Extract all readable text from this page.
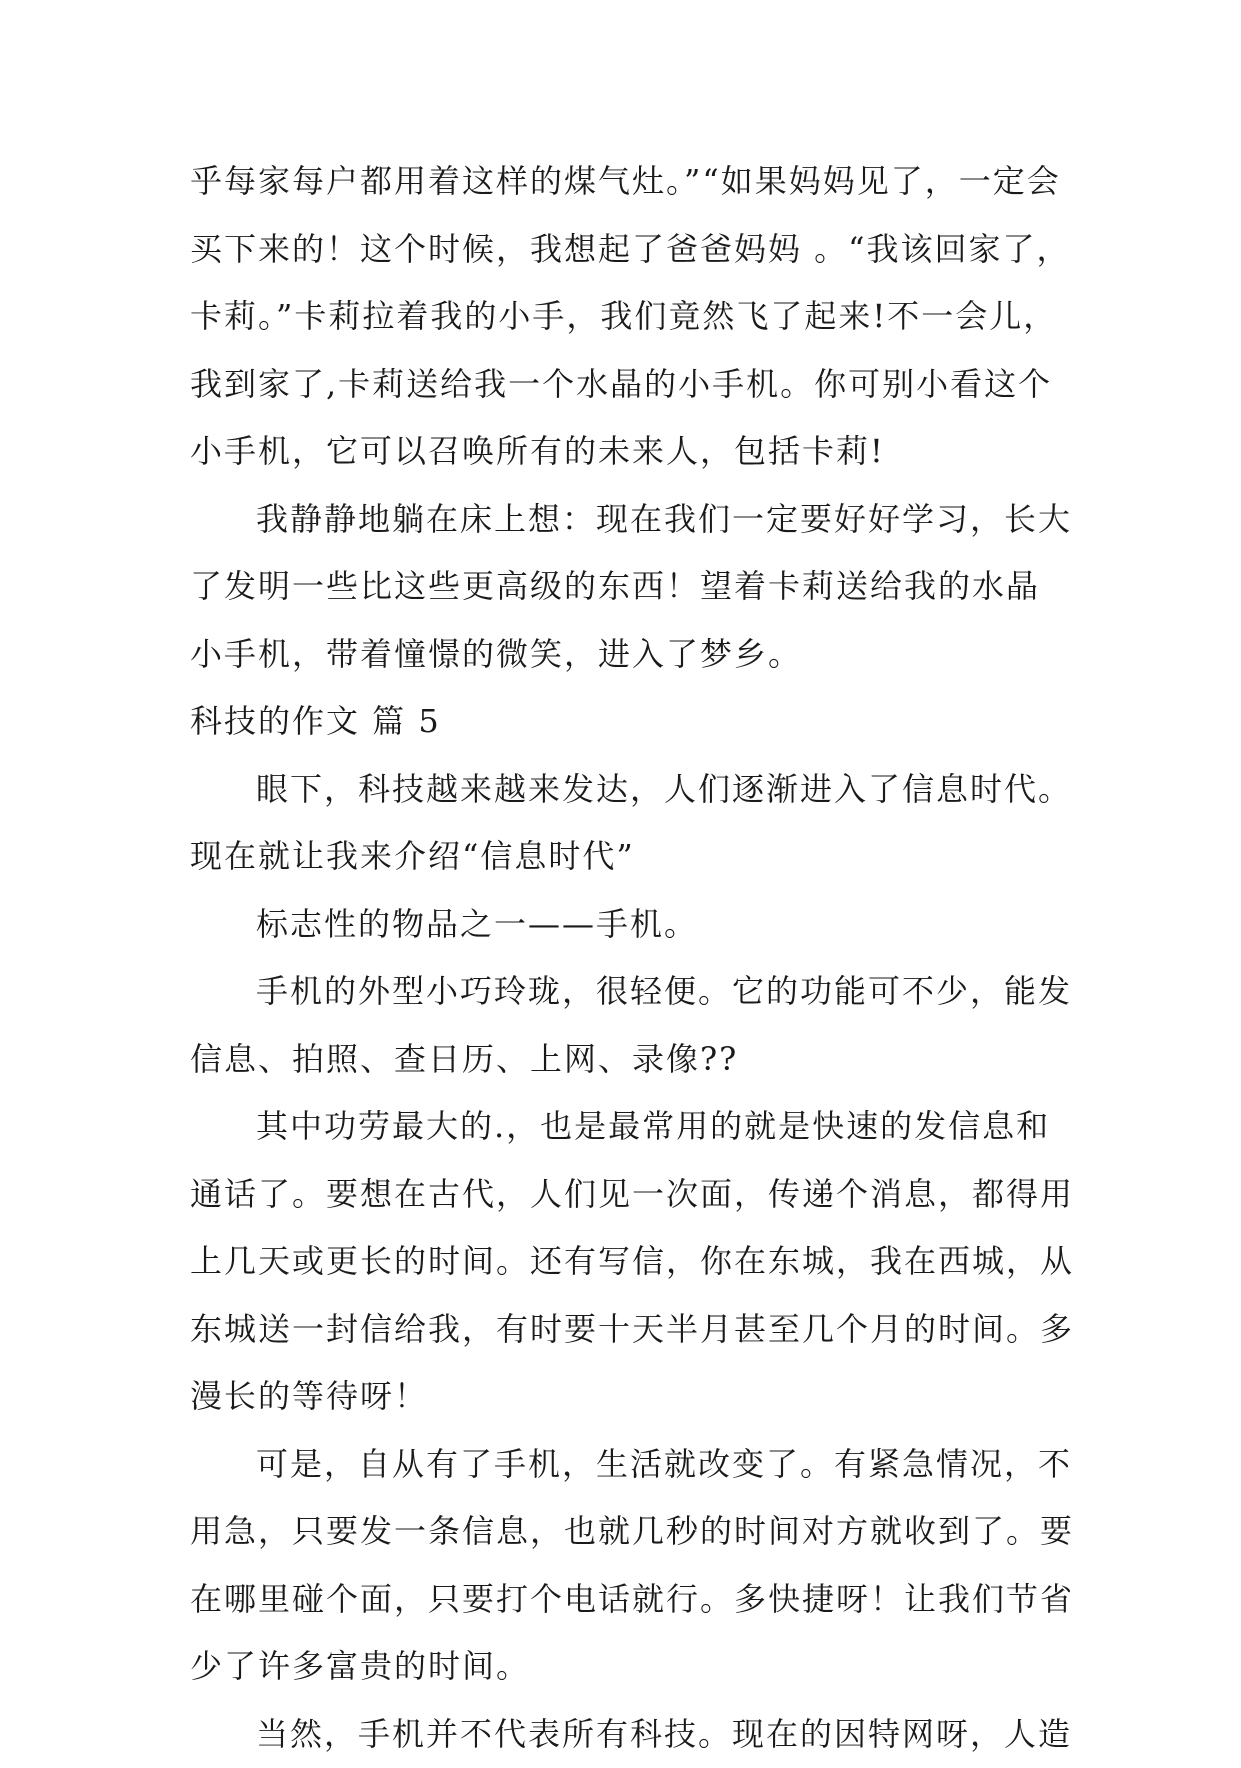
乎每家每户都用着这样的煤气灶。”“如果妈妈见了，一定会
买下来的！这个时候，我想起了爸爸妈妈 。“我该回家了，
卡莉。”卡莉拉着我的小手，我们竟然飞了起来!不一会儿，
我到家了,卡莉送给我一个水晶的小手机。你可别小看这个
小手机，它可以召唤所有的未来人，包括卡莉!
我静静地躺在床上想：现在我们一定要好好学习，长大
了发明一些比这些更高级的东西！望着卡莉送给我的水晶
小手机，带着憧憬的微笑，进入了梦乡。
科技的作文 篇 5
眼下，科技越来越来发达，人们逐渐进入了信息时代。
现在就让我来介绍“信息时代”
标志性的物品之一——手机。
手机的外型小巧玲珑，很轻便。它的功能可不少，能发
信息、拍照、查日历、上网、录像??
其中功劳最大的.，也是最常用的就是快速的发信息和
通话了。要想在古代，人们见一次面，传递个消息，都得用
上几天或更长的时间。还有写信，你在东城，我在西城，从
东城送一封信给我，有时要十天半月甚至几个月的时间。多
漫长的等待呀！
可是，自从有了手机，生活就改变了。有紧急情况，不
用急，只要发一条信息，也就几秒的时间对方就收到了。要
在哪里碰个面，只要打个电话就行。多快捷呀！让我们节省
少了许多富贵的时间。
当然，手机并不代表所有科技。现在的因特网呀，人造
